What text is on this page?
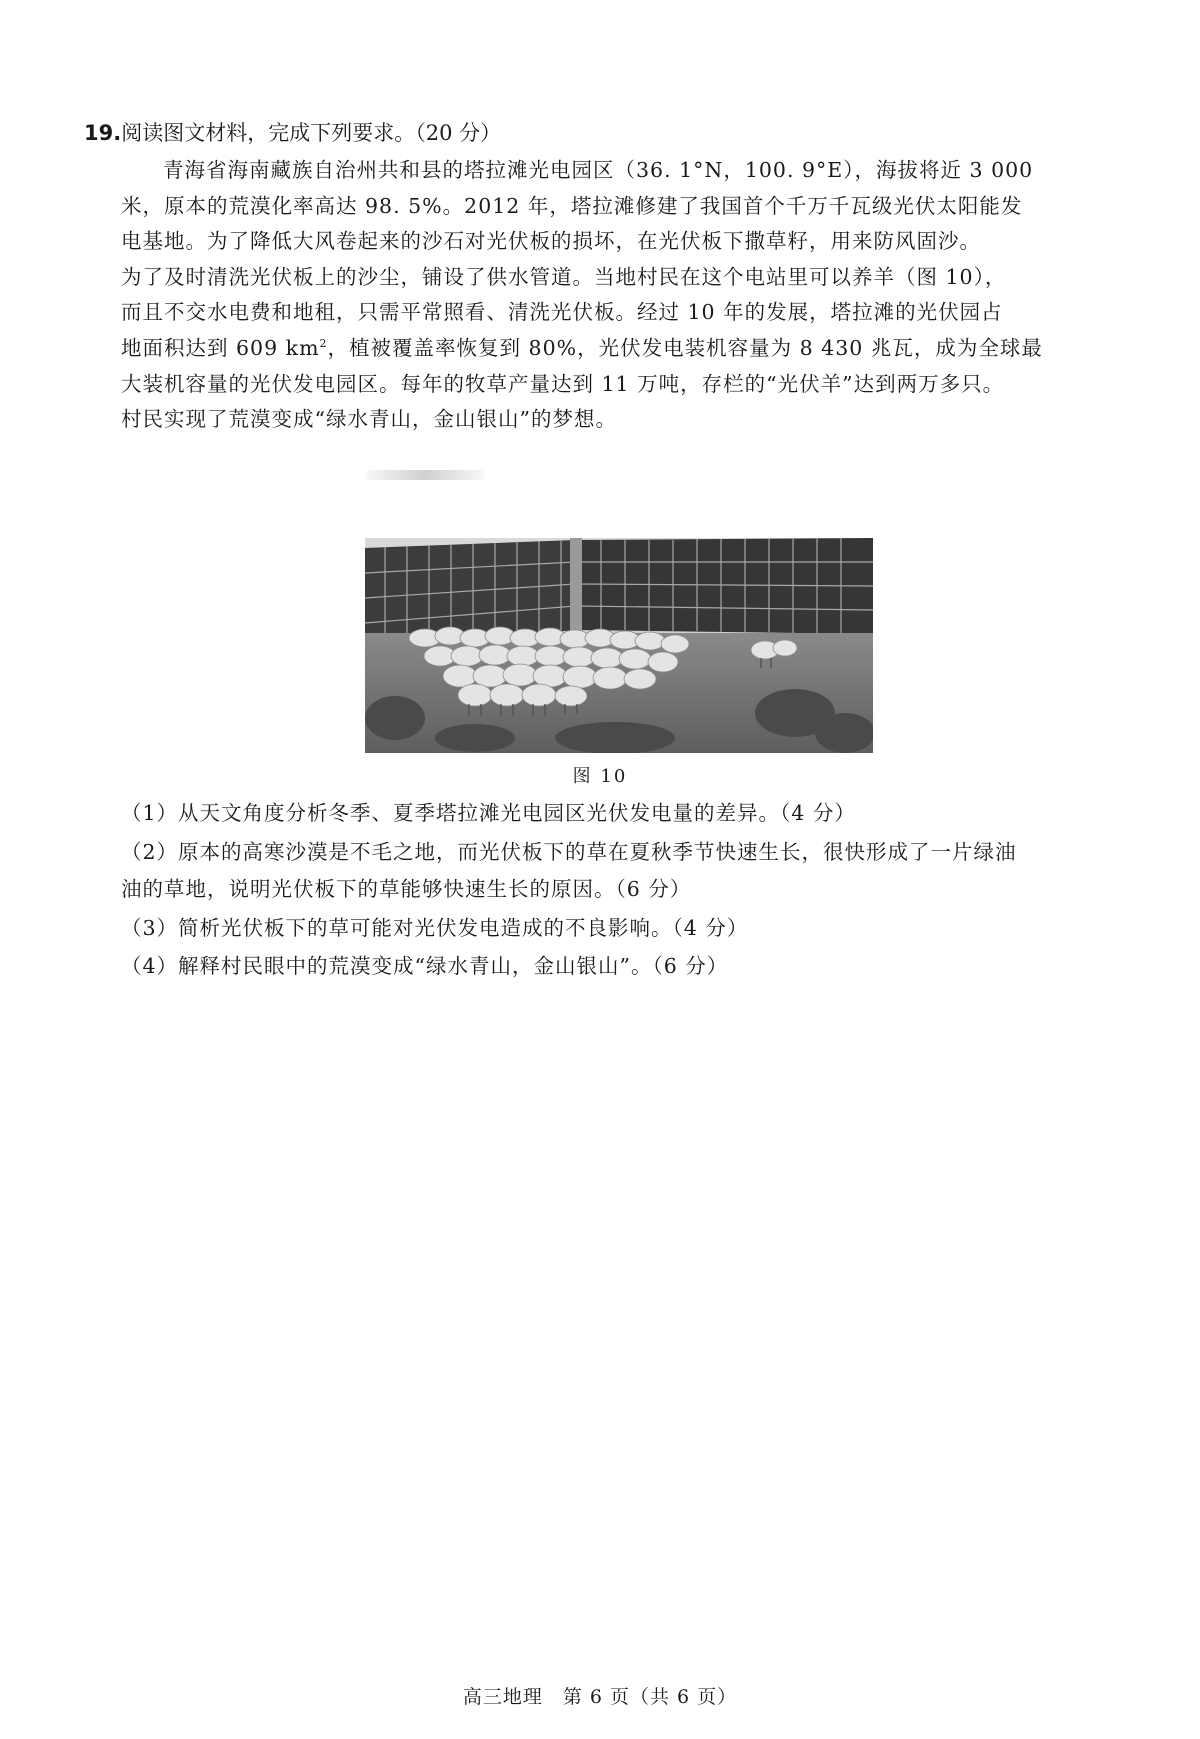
19.阅读图文材料，完成下列要求。（20 分）
青海省海南藏族自治州共和县的塔拉滩光电园区（36. 1°N，100. 9°E），海拔将近 3 000
米，原本的荒漠化率高达 98. 5%。2012 年，塔拉滩修建了我国首个千万千瓦级光伏太阳能发
电基地。为了降低大风卷起来的沙石对光伏板的损坏，在光伏板下撒草籽，用来防风固沙。
为了及时清洗光伏板上的沙尘，铺设了供水管道。当地村民在这个电站里可以养羊（图 10），
而且不交水电费和地租，只需平常照看、清洗光伏板。经过 10 年的发展，塔拉滩的光伏园占
地面积达到 609 $km^2$，植被覆盖率恢复到 80%，光伏发电装机容量为 8 430 兆瓦，成为全球最
大装机容量的光伏发电园区。每年的牧草产量达到 11 万吨，存栏的“光伏羊”达到两万多只。
村民实现了荒漠变成“绿水青山，金山银山”的梦想。
图 10
（1）从天文角度分析冬季、夏季塔拉滩光电园区光伏发电量的差异。（4 分）
（2）原本的高寒沙漠是不毛之地，而光伏板下的草在夏秋季节快速生长，很快形成了一片绿油
油的草地，说明光伏板下的草能够快速生长的原因。（6 分）
（3）简析光伏板下的草可能对光伏发电造成的不良影响。（4 分）
（4）解释村民眼中的荒漠变成“绿水青山，金山银山”。（6 分）
高三地理　第 6 页（共 6 页）
